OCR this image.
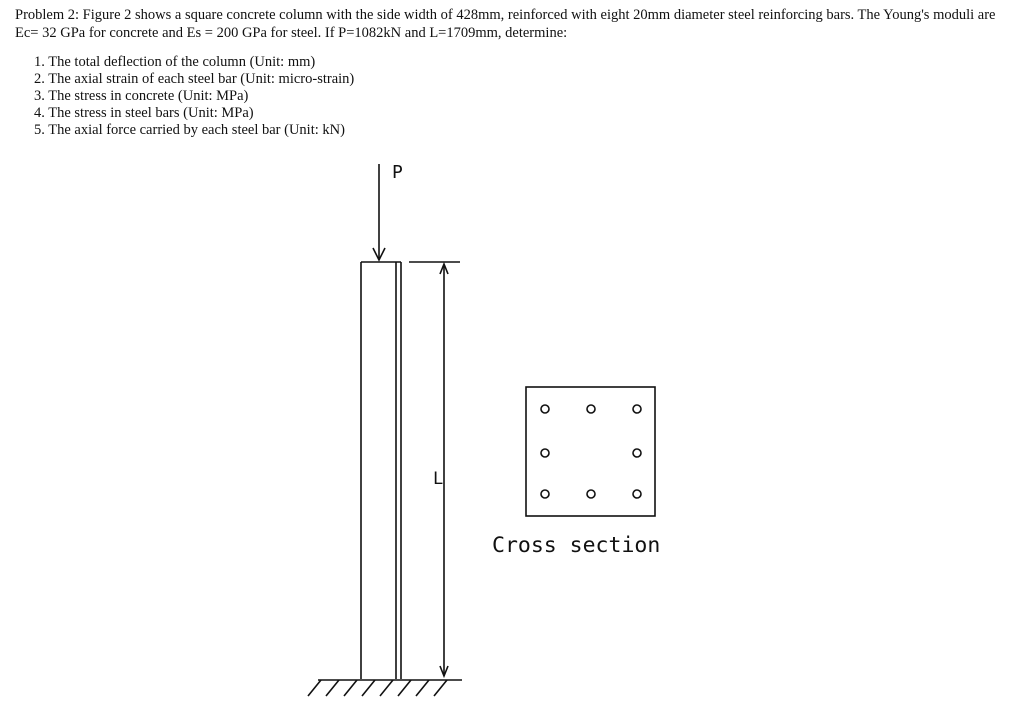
Problem 2: Figure 2 shows a square concrete column with the side width of 428mm, reinforced with eight 20mm diameter steel reinforcing bars. The Young's moduli are Ec= 32 GPa for concrete and Es = 200 GPa for steel. If P=1082kN and L=1709mm, determine:
1. The total deflection of the column (Unit: mm)
2. The axial strain of each steel bar (Unit: micro-strain)
3. The stress in concrete (Unit: MPa)
4. The stress in steel bars (Unit: MPa)
5. The axial force carried by each steel bar (Unit: kN)
P
L
Cross section
